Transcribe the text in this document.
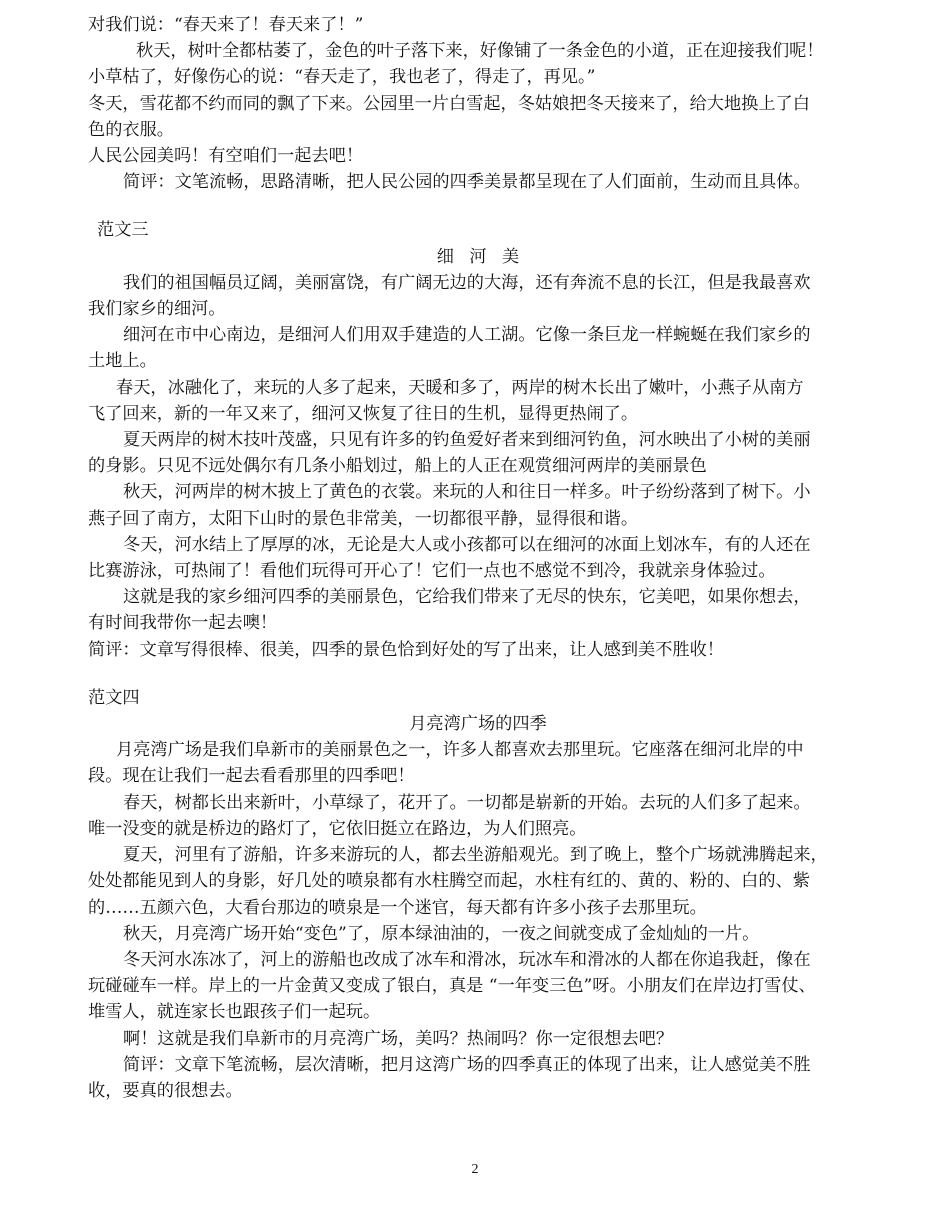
对我们说：“春天来了！春天来了！”

秋天，树叶全都枯萎了，金色的叶子落下来，好像铺了一条金色的小道，正在迎接我们呢！

小草枯了，好像伤心的说：“春天走了，我也老了，得走了，再见。”

冬天，雪花都不约而同的飘了下来。公园里一片白雪起，冬姑娘把冬天接来了，给大地换上了白

色的衣服。

人民公园美吗！有空咱们一起去吧！

简评：文笔流畅，思路清晰，把人民公园的四季美景都呈现在了人们面前，生动而且具体。

范文三

细河美

我们的祖国幅员辽阔，美丽富饶，有广阔无边的大海，还有奔流不息的长江，但是我最喜欢

我们家乡的细河。

细河在市中心南边，是细河人们用双手建造的人工湖。它像一条巨龙一样蜿蜒在我们家乡的

土地上。

春天，冰融化了，来玩的人多了起来，天暖和多了，两岸的树木长出了嫩叶，小燕子从南方

飞了回来，新的一年又来了，细河又恢复了往日的生机，显得更热闹了。

夏天两岸的树木技叶茂盛，只见有许多的钓鱼爱好者来到细河钓鱼，河水映出了小树的美丽

的身影。只见不远处偶尔有几条小船划过，船上的人正在观赏细河两岸的美丽景色

秋天，河两岸的树木披上了黄色的衣裳。来玩的人和往日一样多。叶子纷纷落到了树下。小

燕子回了南方，太阳下山时的景色非常美，一切都很平静，显得很和谐。

冬天，河水结上了厚厚的冰，无论是大人或小孩都可以在细河的冰面上划冰车，有的人还在

比赛游泳，可热闹了！看他们玩得可开心了！它们一点也不感觉不到冷，我就亲身体验过。

这就是我的家乡细河四季的美丽景色，它给我们带来了无尽的快东，它美吧，如果你想去，

有时间我带你一起去噢！

简评：文章写得很棒、很美，四季的景色恰到好处的写了出来，让人感到美不胜收！

范文四

月亮湾广场的四季

月亮湾广场是我们阜新市的美丽景色之一，许多人都喜欢去那里玩。它座落在细河北岸的中

段。现在让我们一起去看看那里的四季吧！

春天，树都长出来新叶，小草绿了，花开了。一切都是崭新的开始。去玩的人们多了起来。

唯一没变的就是桥边的路灯了，它依旧挺立在路边，为人们照亮。

夏天，河里有了游船，许多来游玩的人，都去坐游船观光。到了晚上，整个广场就沸腾起来，

处处都能见到人的身影，好几处的喷泉都有水柱腾空而起，水柱有红的、黄的、粉的、白的、紫

的……五颜六色，大看台那边的喷泉是一个迷官，每天都有许多小孩子去那里玩。

秋天，月亮湾广场开始“变色”了，原本绿油油的，一夜之间就变成了金灿灿的一片。

冬天河水冻冰了，河上的游船也改成了冰车和滑冰，玩冰车和滑冰的人都在你追我赶，像在

玩碰碰车一样。岸上的一片金黄又变成了银白，真是 “一年变三色”呀。小朋友们在岸边打雪仗、

堆雪人，就连家长也跟孩子们一起玩。

啊！这就是我们阜新市的月亮湾广场，美吗？热闹吗？你一定很想去吧？

简评：文章下笔流畅，层次清晰，把月这湾广场的四季真正的体现了出来，让人感觉美不胜

收，要真的很想去。

2
